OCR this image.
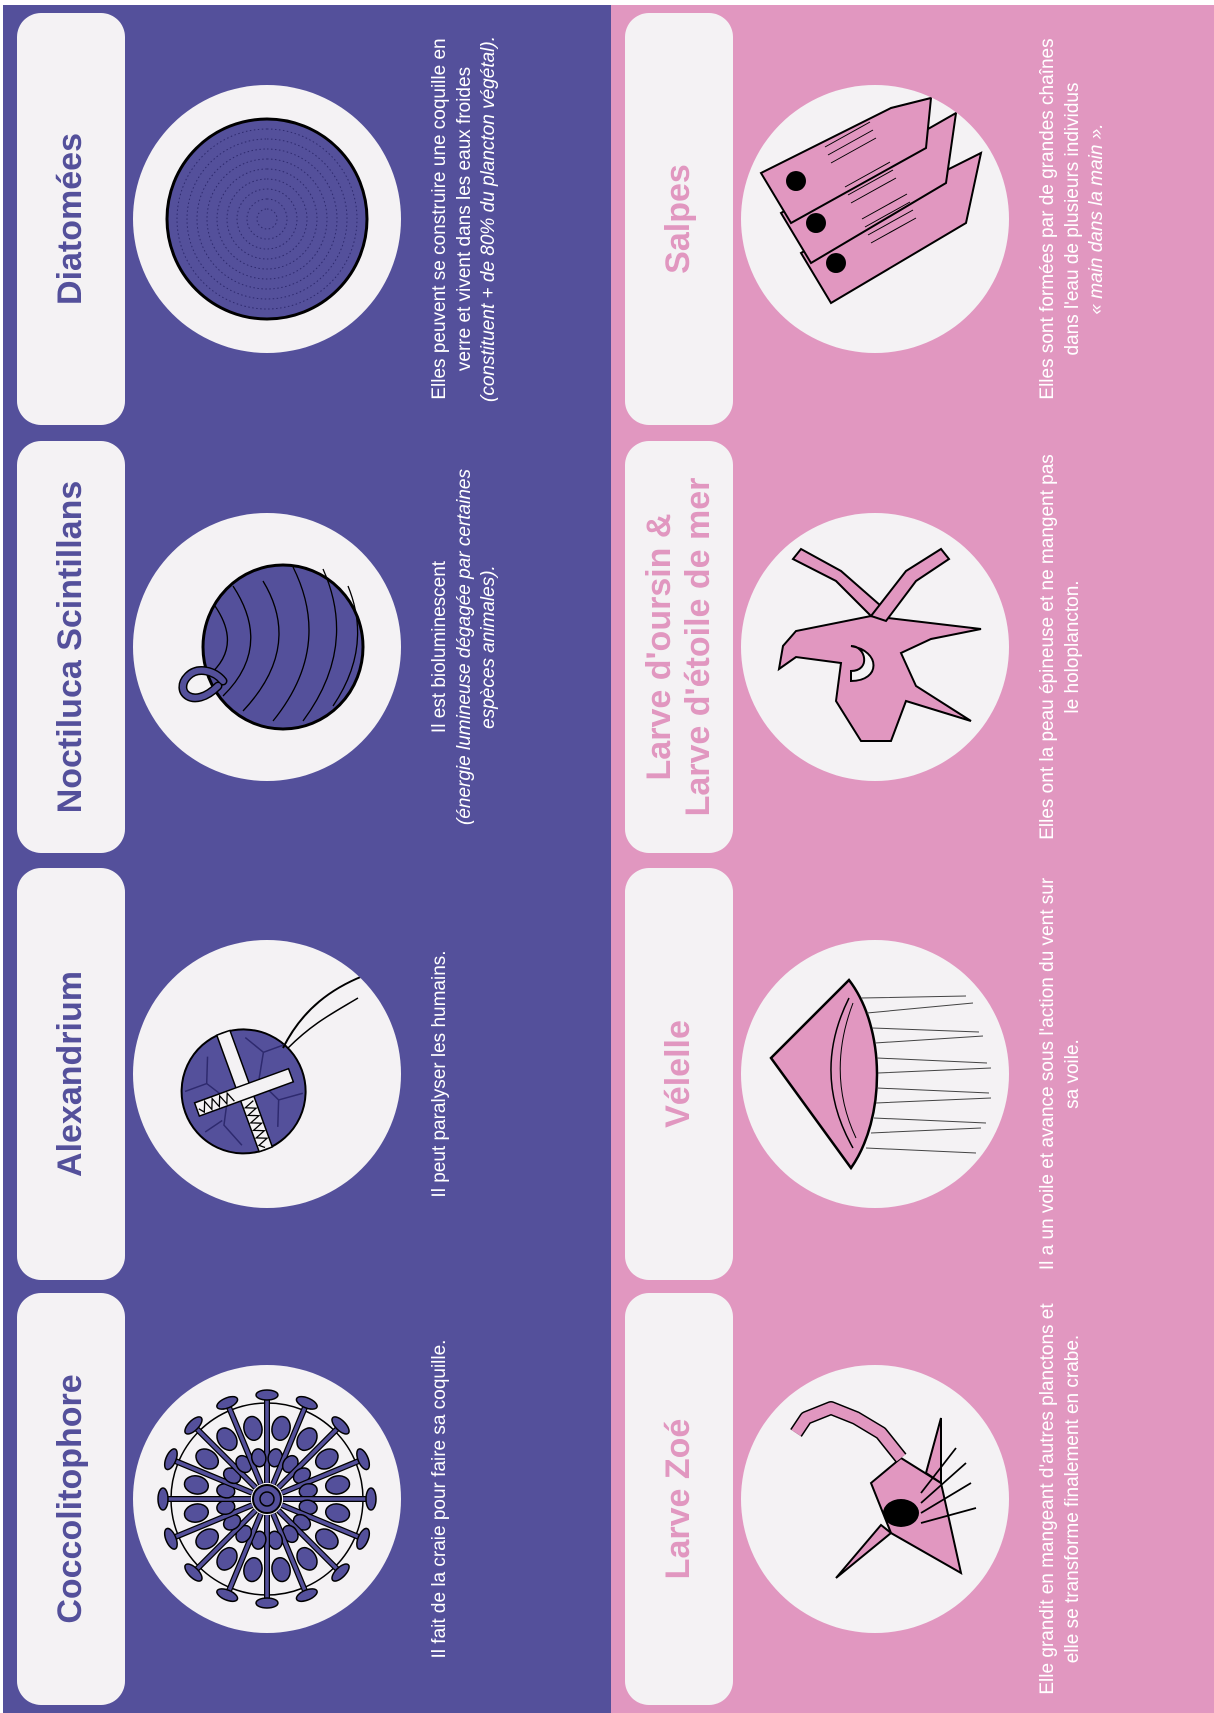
Coccolitophore	Il fait de la craie pour faire sa coquille.
Alexandrium	Il peut paralyser les humains.
Noctiluca Scintillans	Il est bioluminescent (énergie lumineuse dégagée par certaines espèces animales).
Diatomées	Elles peuvent se construire une coquille en verre et vivent dans les eaux froides (constituent + de 80% du plancton végétal).
Larve Zoé	Elle grandit en mangeant d'autres planctons et elle se transforme finalement en crabe.
Vélelle	Il a un voile et avance sous l'action du vent sur sa voile.
Larve d'oursin & Larve d'étoile de mer	Elles ont la peau épineuse et ne mangent pas le holoplancton.
Salpes	Elles sont formées par de grandes chaînes dans l'eau de plusieurs individus « main dans la main ».
